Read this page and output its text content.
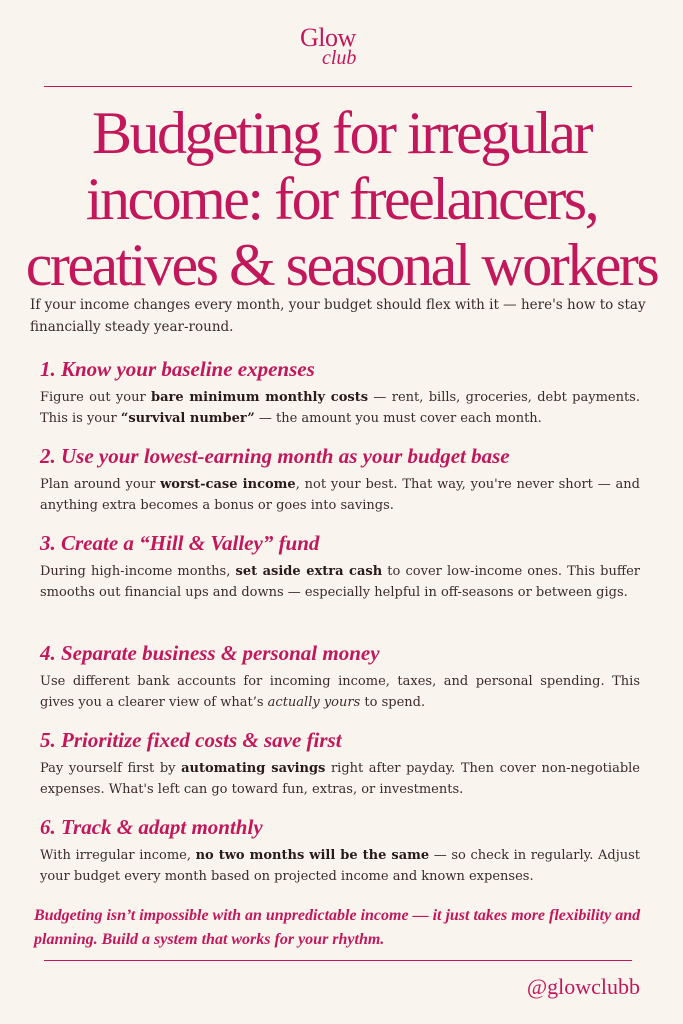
Glow
club
Budgeting for irregular income: for freelancers, creatives & seasonal workers

If your income changes every month, your budget should flex with it — here's how to stay financially steady year-round.

1. Know your baseline expenses

Figure out your bare minimum monthly costs — rent, bills, groceries, debt payments. This is your “survival number” — the amount you must cover each month.

2. Use your lowest-earning month as your budget base

Plan around your worst-case income, not your best. That way, you're never short — and anything extra becomes a bonus or goes into savings.

3. Create a “Hill & Valley” fund

During high-income months, set aside extra cash to cover low-income ones. This buffer smooths out financial ups and downs — especially helpful in off-seasons or between gigs.

4. Separate business & personal money

Use different bank accounts for incoming income, taxes, and personal spending. This gives you a clearer view of what’s actually yours to spend.

5. Prioritize fixed costs & save first

Pay yourself first by automating savings right after payday. Then cover non-negotiable expenses. What's left can go toward fun, extras, or investments.

6. Track & adapt monthly

With irregular income, no two months will be the same — so check in regularly. Adjust your budget every month based on projected income and known expenses.

Budgeting isn’t impossible with an unpredictable income — it just takes more flexibility and planning. Build a system that works for your rhythm.

@glowclubb
